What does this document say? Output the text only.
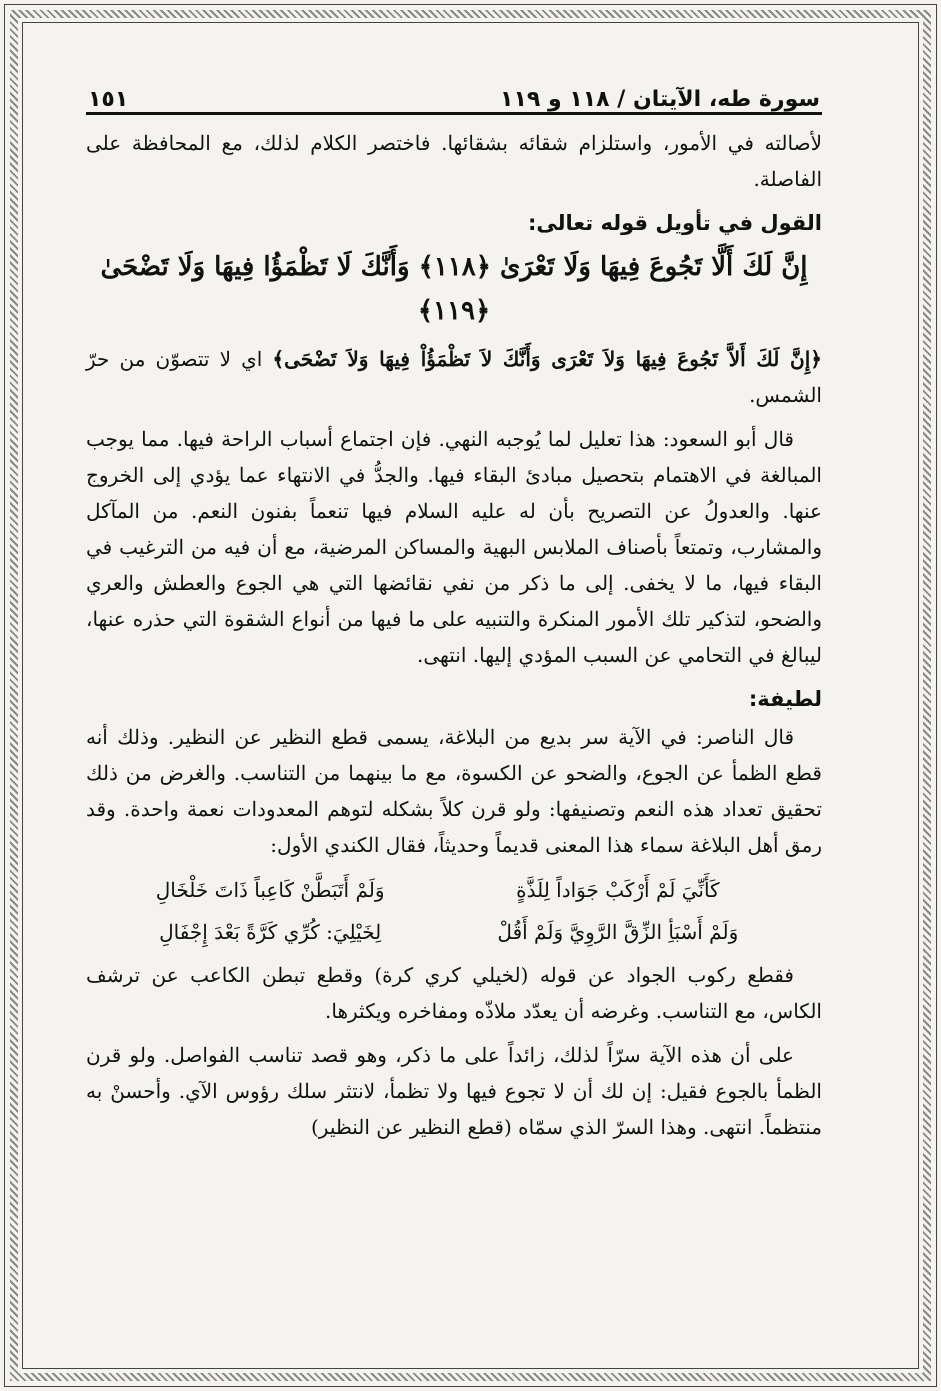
سورة طه، الآيتان / ١١٨ و ١١٩
١٥١

لأصالته في الأمور، واستلزام شقائه بشقائها. فاختصر الكلام لذلك، مع المحافظة على الفاصلة.

القول في تأويل قوله تعالى:
إِنَّ لَكَ أَلَّا تَجُوعَ فِيهَا وَلَا تَعْرَىٰ ﴿١١٨﴾ وَأَنَّكَ لَا تَظْمَؤُا فِيهَا وَلَا تَضْحَىٰ ﴿١١٩﴾

﴿إِنَّ لَكَ أَلاَّ تَجُوعَ فِيهَا وَلاَ تَعْرَى وَأَنَّكَ لاَ تَظْمَؤُاْ فِيهَا وَلاَ تَضْحَى﴾ اي لا تتصوّن من حرّ الشمس.

قال أبو السعود: هذا تعليل لما يُوجبه النهي. فإن اجتماع أسباب الراحة فيها. مما يوجب المبالغة في الاهتمام بتحصيل مبادئ البقاء فيها. والجدُّ في الانتهاء عما يؤدي إلى الخروج عنها. والعدولُ عن التصريح بأن له عليه السلام فيها تنعماً بفنون النعم. من المآكل والمشارب، وتمتعاً بأصناف الملابس البهية والمساكن المرضية، مع أن فيه من الترغيب في البقاء فيها، ما لا يخفى. إلى ما ذكر من نفي نقائضها التي هي الجوع والعطش والعري والضحو، لتذكير تلك الأمور المنكرة والتنبيه على ما فيها من أنواع الشقوة التي حذره عنها، ليبالغ في التحامي عن السبب المؤدي إليها. انتهى.

لطيفة:

قال الناصر: في الآية سر بديع من البلاغة، يسمى قطع النظير عن النظير. وذلك أنه قطع الظمأ عن الجوع، والضحو عن الكسوة، مع ما بينهما من التناسب. والغرض من ذلك تحقيق تعداد هذه النعم وتصنيفها: ولو قرن كلاً بشكله لتوهم المعدودات نعمة واحدة. وقد رمق أهل البلاغة سماء هذا المعنى قديماً وحديثاً، فقال الكندي الأول:

كَأَنِّيَ لَمْ أَرْكَبْ جَوَاداً لِلَذَّةٍ
وَلَمْ أَتَبَطَّنْ كَاعِباً ذَاتَ خَلْخَالِ
وَلَمْ أَسْبَأِ الزِّقَّ الرَّوِيَّ وَلَمْ أَقُلْ
لِخَيْلِيَ: كُرِّي كَرَّةً بَعْدَ إِجْفَالِ

فقطع ركوب الجواد عن قوله (لخيلي كري كرة) وقطع تبطن الكاعب عن ترشف الكاس، مع التناسب. وغرضه أن يعدّد ملاذّه ومفاخره ويكثرها.

على أن هذه الآية سرّاً لذلك، زائداً على ما ذكر، وهو قصد تناسب الفواصل. ولو قرن الظمأ بالجوع فقيل: إن لك أن لا تجوع فيها ولا تظمأ، لانتثر سلك رؤوس الآي. وأحسنْ به منتظماً. انتهى. وهذا السرّ الذي سمّاه (قطع النظير عن النظير)
